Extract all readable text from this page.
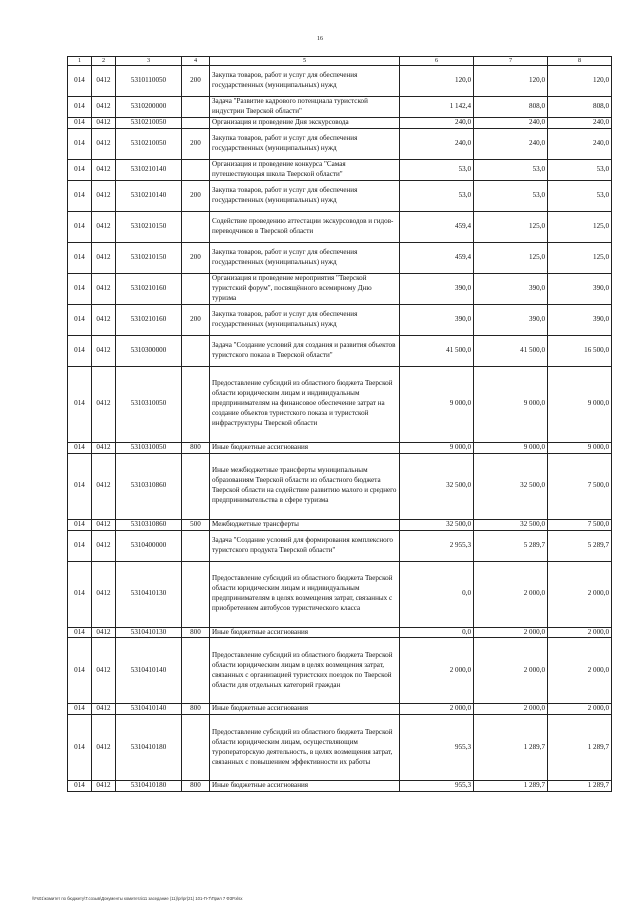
16
1	2	3	4	5	6	7	8
014	0412	5310110050	200	Закупка товаров, работ и услуг для обеспечения государственных (муниципальных) нужд	120,0	120,0	120,0
014	0412	5310200000		Задача "Развитие кадрового потенциала туристской индустрии Тверской области"	1 142,4	808,0	808,0
014	0412	5310210050		Организация и проведение Дня экскурсовода	240,0	240,0	240,0
014	0412	5310210050	200	Закупка товаров, работ и услуг для обеспечения государственных (муниципальных) нужд	240,0	240,0	240,0
014	0412	5310210140		Организация и проведение конкурса "Самая путешествующая школа Тверской области"	53,0	53,0	53,0
014	0412	5310210140	200	Закупка товаров, работ и услуг для обеспечения государственных (муниципальных) нужд	53,0	53,0	53,0
014	0412	5310210150		Содействие проведению аттестации экскурсоводов и гидов-переводчиков в Тверской области	459,4	125,0	125,0
014	0412	5310210150	200	Закупка товаров, работ и услуг для обеспечения государственных (муниципальных) нужд	459,4	125,0	125,0
014	0412	5310210160		Организация и проведение мероприятия "Тверской туристский форум", посвящённого всемирному Дню туризма	390,0	390,0	390,0
014	0412	5310210160	200	Закупка товаров, работ и услуг для обеспечения государственных (муниципальных) нужд	390,0	390,0	390,0
014	0412	5310300000		Задача "Создание условий для создания и развития объектов туристского показа в Тверской области"	41 500,0	41 500,0	16 500,0
014	0412	5310310050		Предоставление субсидий из областного бюджета Тверской области юридическим лицам и индивидуальным предпринимателям на финансовое обеспечение затрат на создание объектов туристского показа и туристской инфраструктуры Тверской области	9 000,0	9 000,0	9 000,0
014	0412	5310310050	800	Иные бюджетные ассигнования	9 000,0	9 000,0	9 000,0
014	0412	5310310860		Иные межбюджетные трансферты муниципальным образованиям Тверской области из областного бюджета Тверской области на содействие развитию малого и среднего предпринимательства в сфере туризма	32 500,0	32 500,0	7 500,0
014	0412	5310310860	500	Межбюджетные трансферты	32 500,0	32 500,0	7 500,0
014	0412	5310400000		Задача "Создание условий для формирования комплексного туристского продукта Тверской области"	2 955,3	5 289,7	5 289,7
014	0412	5310410130		Предоставление субсидий из областного бюджета Тверской области юридическим лицам и индивидуальным предпринимателям в целях возмещения затрат, связанных с приобретением автобусов туристического класса	0,0	2 000,0	2 000,0
014	0412	5310410130	800	Иные бюджетные ассигнования	0,0	2 000,0	2 000,0
014	0412	5310410140		Предоставление субсидий из областного бюджета Тверской области юридическим лицам в целях возмещения затрат, связанных с организацией туристских поездок по Тверской области для отдельных категорий граждан	2 000,0	2 000,0	2 000,0
014	0412	5310410140	800	Иные бюджетные ассигнования	2 000,0	2 000,0	2 000,0
014	0412	5310410180		Предоставление субсидий из областного бюджета Тверской области юридическим лицам, осуществляющим туроператорскую деятельность, в целях возмещения затрат, связанных с повышением эффективности их работы	955,3	1 289,7	1 289,7
014	0412	5310410180	800	Иные бюджетные ассигнования	955,3	1 289,7	1 289,7
\\Fs01\комитет по бюджету\Т.созыв\Документы комитета\11 заседание (11)\pr\pr(21) 101-П-7\Прил 7 ФЗР.xlsx
